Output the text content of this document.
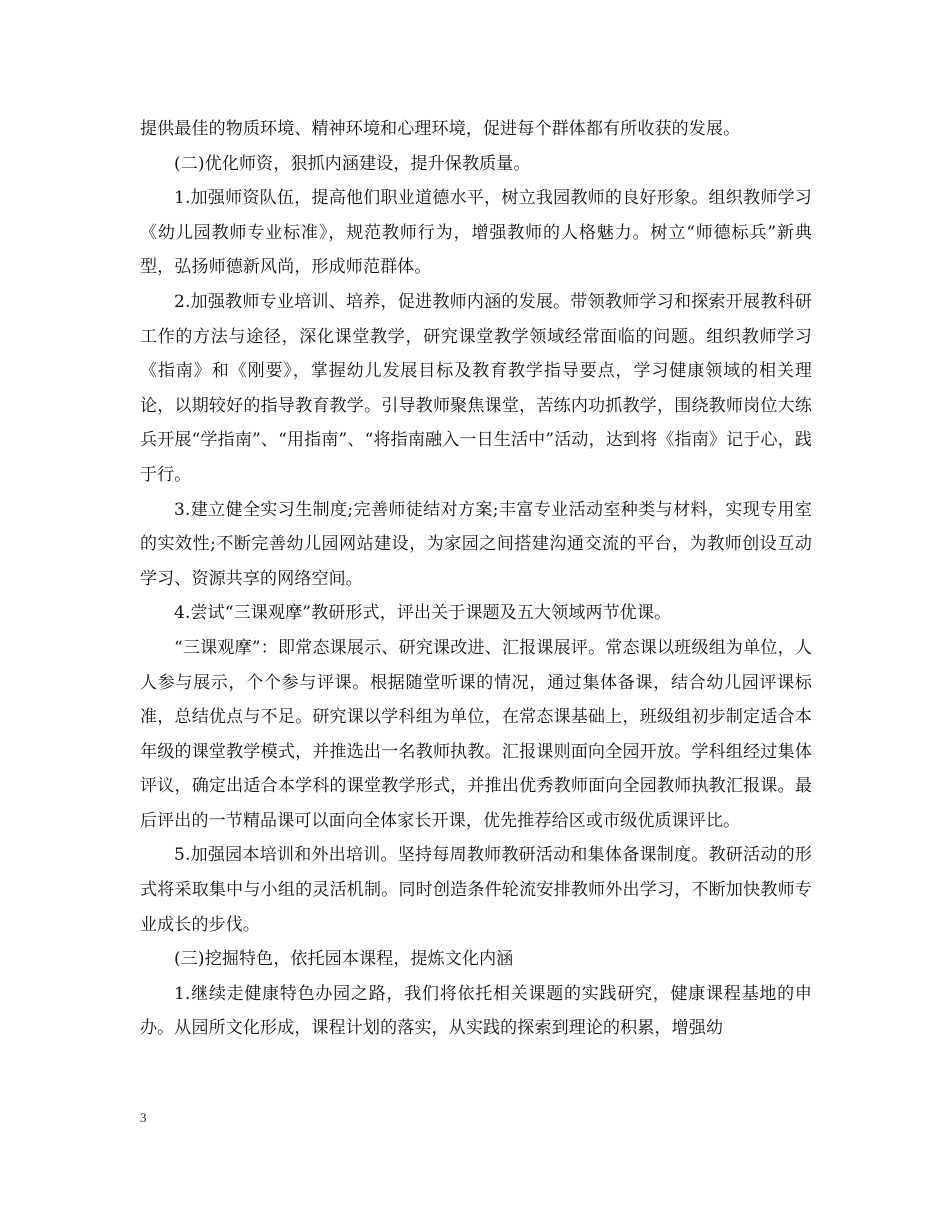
提供最佳的物质环境、精神环境和心理环境，促进每个群体都有所收获的发展。

(二)优化师资，狠抓内涵建设，提升保教质量。

1.加强师资队伍，提高他们职业道德水平，树立我园教师的良好形象。组织教师学习《幼儿园教师专业标准》，规范教师行为，增强教师的人格魅力。树立“师德标兵”新典型，弘扬师德新风尚，形成师范群体。

2.加强教师专业培训、培养，促进教师内涵的发展。带领教师学习和探索开展教科研工作的方法与途径，深化课堂教学，研究课堂教学领域经常面临的问题。组织教师学习《指南》和《刚要》，掌握幼儿发展目标及教育教学指导要点，学习健康领域的相关理论，以期较好的指导教育教学。引导教师聚焦课堂，苦练内功抓教学，围绕教师岗位大练兵开展“学指南”、“用指南”、“将指南融入一日生活中”活动，达到将《指南》记于心，践于行。

3.建立健全实习生制度;完善师徒结对方案;丰富专业活动室种类与材料，实现专用室的实效性;不断完善幼儿园网站建设，为家园之间搭建沟通交流的平台，为教师创设互动学习、资源共享的网络空间。

4.尝试“三课观摩”教研形式，评出关于课题及五大领域两节优课。

“三课观摩”：即常态课展示、研究课改进、汇报课展评。常态课以班级组为单位，人人参与展示，个个参与评课。根据随堂听课的情况，通过集体备课，结合幼儿园评课标准，总结优点与不足。研究课以学科组为单位，在常态课基础上，班级组初步制定适合本年级的课堂教学模式，并推选出一名教师执教。汇报课则面向全园开放。学科组经过集体评议，确定出适合本学科的课堂教学形式，并推出优秀教师面向全园教师执教汇报课。最后评出的一节精品课可以面向全体家长开课，优先推荐给区或市级优质课评比。

5.加强园本培训和外出培训。坚持每周教师教研活动和集体备课制度。教研活动的形式将采取集中与小组的灵活机制。同时创造条件轮流安排教师外出学习，不断加快教师专业成长的步伐。

(三)挖掘特色，依托园本课程，提炼文化内涵

1.继续走健康特色办园之路，我们将依托相关课题的实践研究，健康课程基地的申办。从园所文化形成，课程计划的落实，从实践的探索到理论的积累，增强幼

3
